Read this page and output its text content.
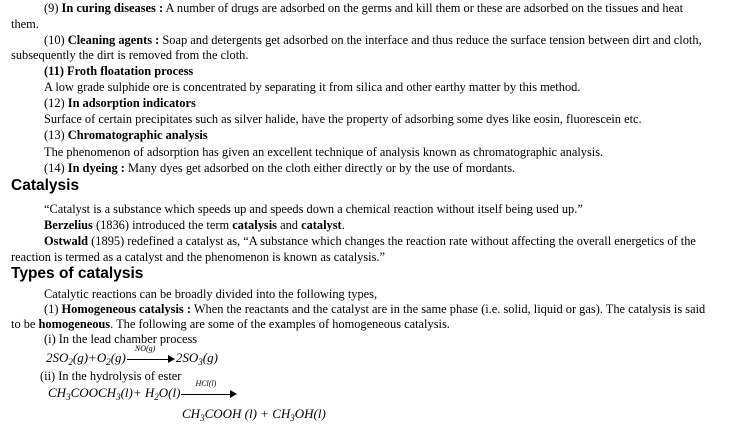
(9) In curing diseases : A number of drugs are adsorbed on the germs and kill them or these are adsorbed on the tissues and heat
them.
(10) Cleaning agents : Soap and detergents get adsorbed on the interface and thus reduce the surface tension between dirt and cloth,
subsequently the dirt is removed from the cloth.
(11) Froth floatation process
A low grade sulphide ore is concentrated by separating it from silica and other earthy matter by this method.
(12) In adsorption indicators
Surface of certain precipitates such as silver halide, have the property of adsorbing some dyes like eosin, fluorescein etc.
(13) Chromatographic analysis
The phenomenon of adsorption has given an excellent technique of analysis known as chromatographic analysis.
(14) In dyeing : Many dyes get adsorbed on the cloth either directly or by the use of mordants.
Catalysis
“Catalyst is a substance which speeds up and speeds down a chemical reaction without itself being used up.”
Berzelius (1836) introduced the term catalysis and catalyst.
Ostwald (1895) redefined a catalyst as, “A substance which changes the reaction rate without affecting the overall energetics of the
reaction is termed as a catalyst and the phenomenon is known as catalysis.”
Types of catalysis
Catalytic reactions can be broadly divided into the following types,
(1) Homogeneous catalysis : When the reactants and the catalyst are in the same phase (i.e. solid, liquid or gas). The catalysis is said
to be homogeneous. The following are some of the examples of homogeneous catalysis.
(i) In the lead chamber process
$2SO_2(g)+O_2(g)$
NO(g)
$2SO_3(g)$
(ii) In the hydrolysis of ester
$CH_3COOCH_3(l)+ H_2O(l)$
HCl(l)
$CH_3COOH$ $(l) + CH_3OH(l)$
